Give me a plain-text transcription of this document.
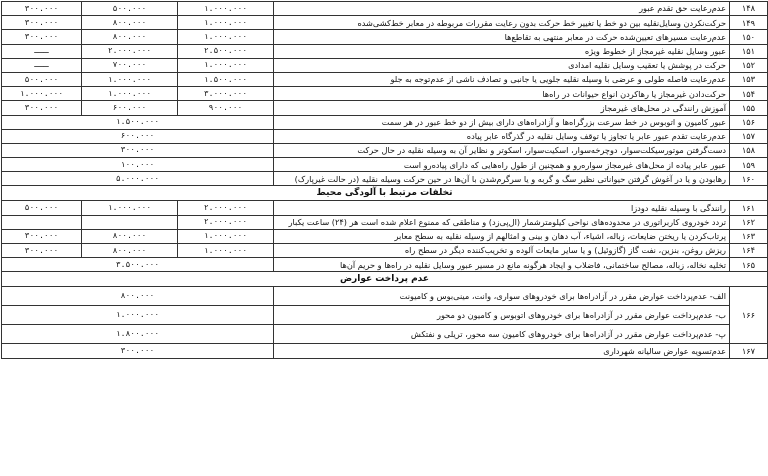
۱۴۸	عدم‌رعایت حق تقدم عبور	۱.۰۰۰.۰۰۰	۵۰۰.۰۰۰	۳۰۰.۰۰۰
۱۴۹	حرکت‌نکردن وسایل‌نقلیه بین دو خط یا تغییر خط حرکت بدون رعایت مقررات مربوطه در معابر خط‌کشی‌شده	۱.۰۰۰.۰۰۰	۸۰۰.۰۰۰	۳۰۰.۰۰۰
۱۵۰	عدم‌رعایت مسیرهای تعیین‌شده حرکت در معابر منتهی به تقاطع‌ها	۱.۰۰۰.۰۰۰	۸۰۰.۰۰۰	۳۰۰.۰۰۰
۱۵۱	عبور وسایل نقلیه غیرمجاز از خطوط ویژه	۲.۵۰۰.۰۰۰	۲.۰۰۰.۰۰۰	ـــ
۱۵۲	حرکت در پوشش یا تعقیب وسایل نقلیه امدادی	۱.۰۰۰.۰۰۰	۷۰۰.۰۰۰	ـــ
۱۵۳	عدم‌رعایت فاصله طولی و عرضی با وسیله نقلیه جلویی یا جانبی و تصادف ناشی از عدم‌توجه به جلو	۱.۵۰۰.۰۰۰	۱.۰۰۰.۰۰۰	۵۰۰.۰۰۰
۱۵۴	حرکت‌دادن غیرمجاز یا رهاکردن انواع حیوانات در راه‌ها	۳.۰۰۰.۰۰۰	۱.۰۰۰.۰۰۰	۱.۰۰۰.۰۰۰
۱۵۵	آموزش رانندگی در محل‌های غیرمجاز	۹۰۰.۰۰۰	۶۰۰.۰۰۰	۳۰۰.۰۰۰
۱۵۶	عبور کامیون و اتوبوس در خط سرعت بزرگراه‌ها و آزادراه‌های دارای بیش از دو خط عبور در هر سمت	۱.۵۰۰.۰۰۰		
۱۵۷	عدم‌رعایت تقدم عبور عابر یا تجاوز یا توقف وسایل نقلیه در گذرگاه عابر پیاده	۶۰۰.۰۰۰		
۱۵۸	دست‌گرفتن موتورسیکلت‌سوار، دوچرخه‌سوار، اسکیت‌سوار، اسکوتر و نظایر آن به وسیله نقلیه در حال حرکت	۳۰۰.۰۰۰		
۱۵۹	عبور عابر پیاده از محل‌های غیرمجاز سواره‌رو و همچنین از طول راه‌هایی که دارای پیاده‌رو است	۱۰۰.۰۰۰		
۱۶۰	رهابودن و یا در آغوش گرفتن حیواناتی نظیر سگ و گربه و یا سرگرم‌شدن با آن‌ها در حین حرکت وسیله نقلیه (در حالت غیرپارک)	۵.۰۰۰.۰۰۰		
تخلفات مرتبط با آلودگی محیط				
۱۶۱	رانندگی با وسیله نقلیه دودزا	۲.۰۰۰.۰۰۰	۱.۰۰۰.۰۰۰	۵۰۰.۰۰۰
۱۶۲	تردد خودروی کاربراتوری در محدوده‌های نواحی کیلومترشمار (ال‌پی‌زد) و مناطقی که ممنوع اعلام شده است هر (۲۴) ساعت یکبار	۲.۰۰۰.۰۰۰		
۱۶۳	پرتاب‌کردن یا ریختن ضایعات، زباله، اشیاء، آب دهان و بینی و امثالهم از وسیله نقلیه به سطح معابر	۱.۰۰۰.۰۰۰	۸۰۰.۰۰۰	۳۰۰.۰۰۰
۱۶۴	ریزش روغن، بنزین، نفت گاز (گازوئیل) و یا سایر مایعات آلوده و تخریب‌کننده دیگر در سطح راه	۱.۰۰۰.۰۰۰	۸۰۰.۰۰۰	۳۰۰.۰۰۰
۱۶۵	تخلیه نخاله، زباله، مصالح ساختمانی، فاضلاب و ایجاد هرگونه مانع در مسیر عبور وسایل نقلیه در راه‌ها و حریم آن‌ها	۳.۵۰۰.۰۰۰		
عدم پرداخت عوارض				
۱۶۶	الف- عدم‌پرداخت عوارض مقرر در آزادراه‌ها برای خودروهای سواری، وانت، مینی‌بوس و کامیونت	۸۰۰.۰۰۰		
	ب- عدم‌پرداخت عوارض مقرر در آزادراه‌ها برای خودروهای اتوبوس و کامیون دو محور	۱.۰۰۰.۰۰۰		
	پ- عدم‌پرداخت عوارض مقرر در آزادراه‌ها برای خودروهای کامیون سه محور، تریلی و نفتکش	۱.۸۰۰.۰۰۰		
۱۶۷	عدم‌تسویه عوارض سالیانه شهرداری	۳۰۰.۰۰۰		
